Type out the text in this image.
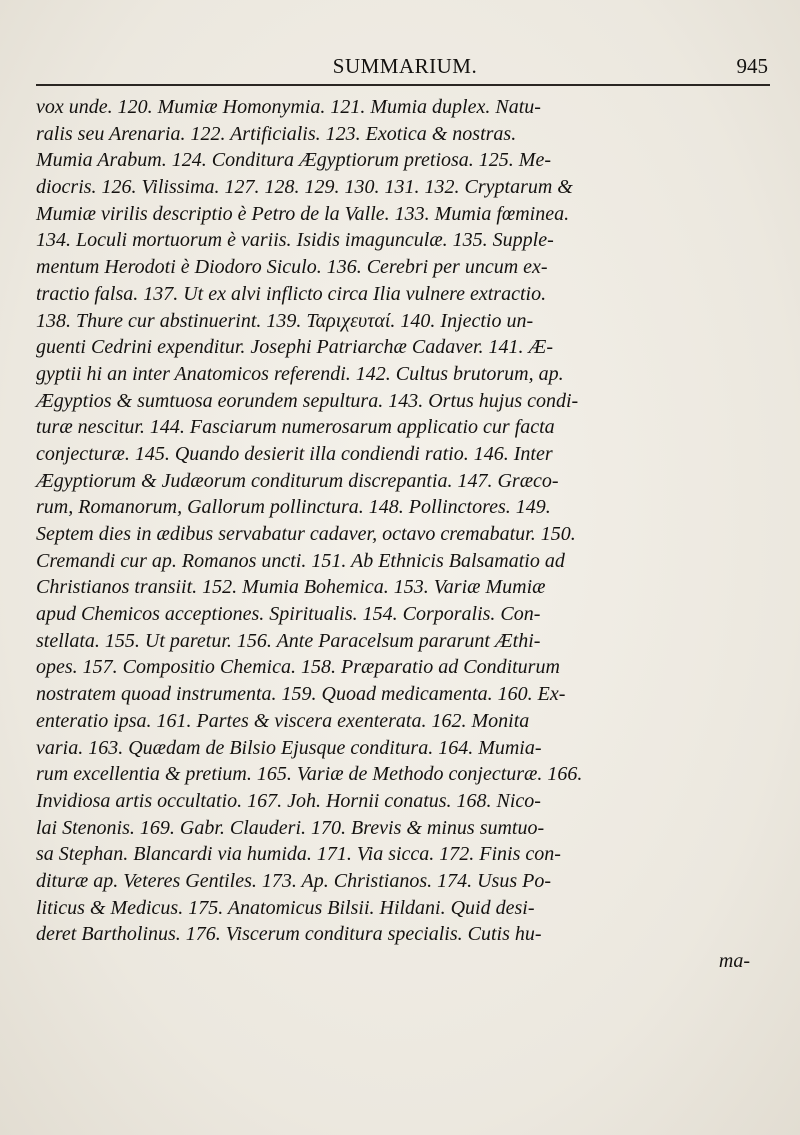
SUMMARIUM.	945
vox unde. 120. Mumiæ Homonymia. 121. Mumia duplex. Natu-
ralis seu Arenaria. 122. Artificialis. 123. Exotica & nostras.
Mumia Arabum. 124. Conditura Ægyptiorum pretiosa. 125. Me-
diocris. 126. Vilissima. 127. 128. 129. 130. 131. 132. Cryptarum &
Mumiæ virilis descriptio è Petro de la Valle. 133. Mumia fœminea.
134. Loculi mortuorum è variis. Isidis imagunculæ. 135. Supple-
mentum Herodoti è Diodoro Siculo. 136. Cerebri per uncum ex-
tractio falsa. 137. Ut ex alvi inflicto circa Ilia vulnere extractio.
138. Thure cur abstinuerint. 139. Ταριχευταί. 140. Injectio un-
guenti Cedrini expenditur. Josephi Patriarchæ Cadaver. 141. Æ-
gyptii hi an inter Anatomicos referendi. 142. Cultus brutorum, ap.
Ægyptios & sumtuosa eorundem sepultura. 143. Ortus hujus condi-
turæ nescitur. 144. Fasciarum numerosarum applicatio cur facta
conjecturæ. 145. Quando desierit illa condiendi ratio. 146. Inter
Ægyptiorum & Judæorum conditurum discrepantia. 147. Græco-
rum, Romanorum, Gallorum pollinctura. 148. Pollinctores. 149.
Septem dies in ædibus servabatur cadaver, octavo cremabatur. 150.
Cremandi cur ap. Romanos uncti. 151. Ab Ethnicis Balsamatio ad
Christianos transiit. 152. Mumia Bohemica. 153. Variæ Mumiæ
apud Chemicos acceptiones. Spiritualis. 154. Corporalis. Con-
stellata. 155. Ut paretur. 156. Ante Paracelsum pararunt Æthi-
opes. 157. Compositio Chemica. 158. Præparatio ad Conditurum
nostratem quoad instrumenta. 159. Quoad medicamenta. 160. Ex-
enteratio ipsa. 161. Partes & viscera exenterata. 162. Monita
varia. 163. Quædam de Bilsio Ejusque conditura. 164. Mumia-
rum excellentia & pretium. 165. Variæ de Methodo conjecturæ. 166.
Invidiosa artis occultatio. 167. Joh. Hornii conatus. 168. Nico-
lai Stenonis. 169. Gabr. Clauderi. 170. Brevis & minus sumtuo-
sa Stephan. Blancardi via humida. 171. Via sicca. 172. Finis con-
dituræ ap. Veteres Gentiles. 173. Ap. Christianos. 174. Usus Po-
liticus & Medicus. 175. Anatomicus Bilsii. Hildani. Quid desi-
deret Bartholinus. 176. Viscerum conditura specialis. Cutis hu-
ma-
